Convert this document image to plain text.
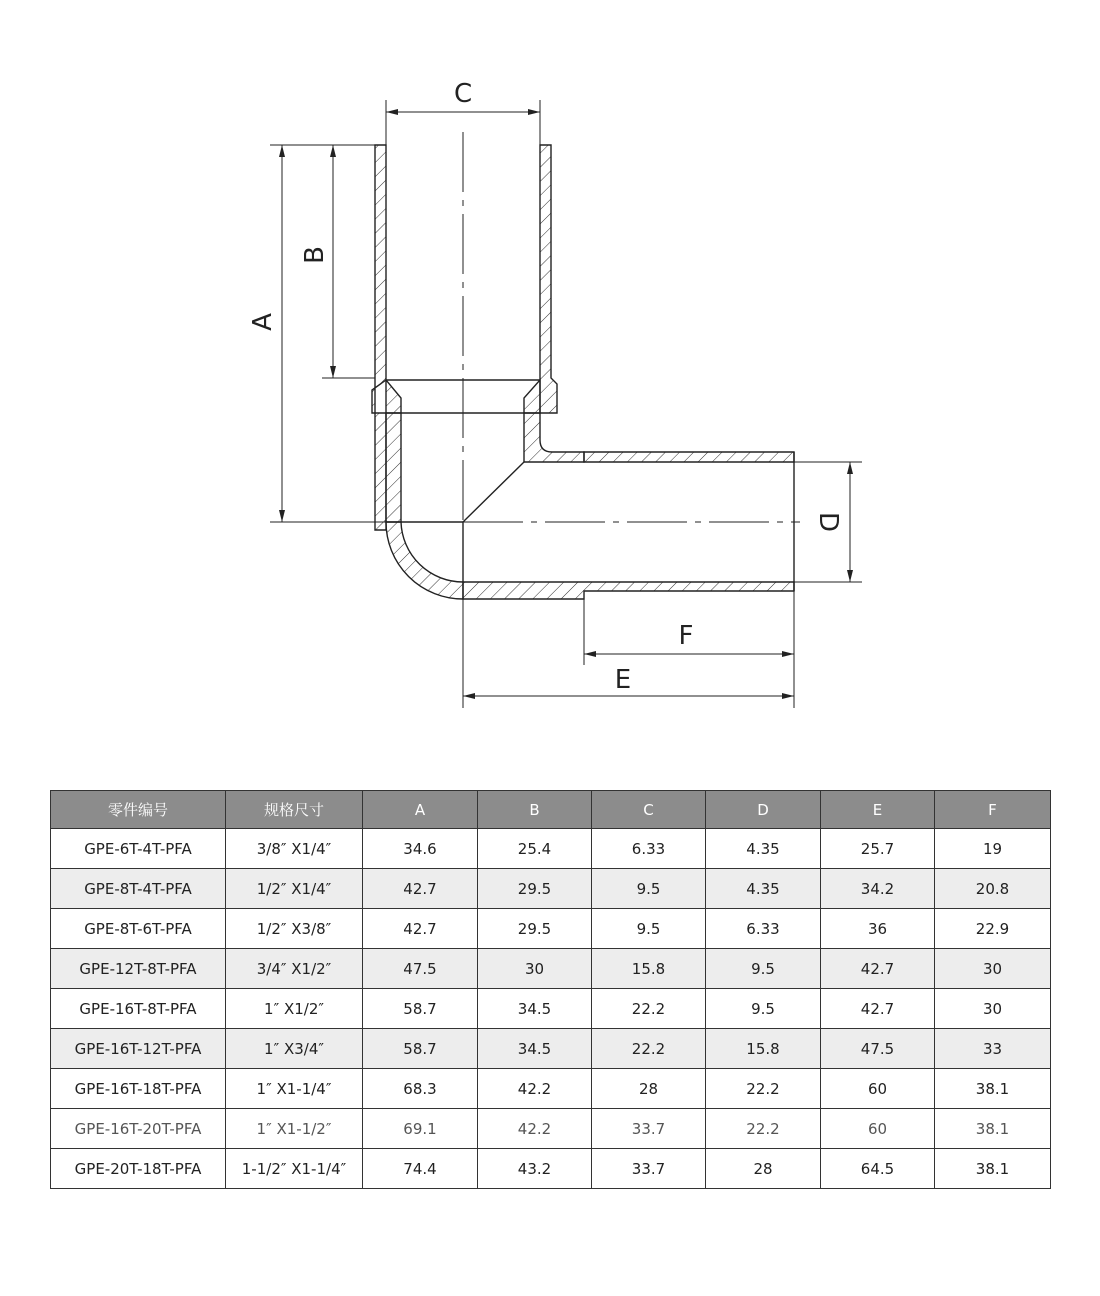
C
A
B
D
F
E
零件编号	规格尺寸	A	B	C	D	E	F
GPE-6T-4T-PFA	3/8″ X1/4″	34.6	25.4	6.33	4.35	25.7	19
GPE-8T-4T-PFA	1/2″ X1/4″	42.7	29.5	9.5	4.35	34.2	20.8
GPE-8T-6T-PFA	1/2″ X3/8″	42.7	29.5	9.5	6.33	36	22.9
GPE-12T-8T-PFA	3/4″ X1/2″	47.5	30	15.8	9.5	42.7	30
GPE-16T-8T-PFA	1″ X1/2″	58.7	34.5	22.2	9.5	42.7	30
GPE-16T-12T-PFA	1″ X3/4″	58.7	34.5	22.2	15.8	47.5	33
GPE-16T-18T-PFA	1″ X1-1/4″	68.3	42.2	28	22.2	60	38.1
GPE-16T-20T-PFA	1″ X1-1/2″	69.1	42.2	33.7	22.2	60	38.1
GPE-20T-18T-PFA	1-1/2″ X1-1/4″	74.4	43.2	33.7	28	64.5	38.1
